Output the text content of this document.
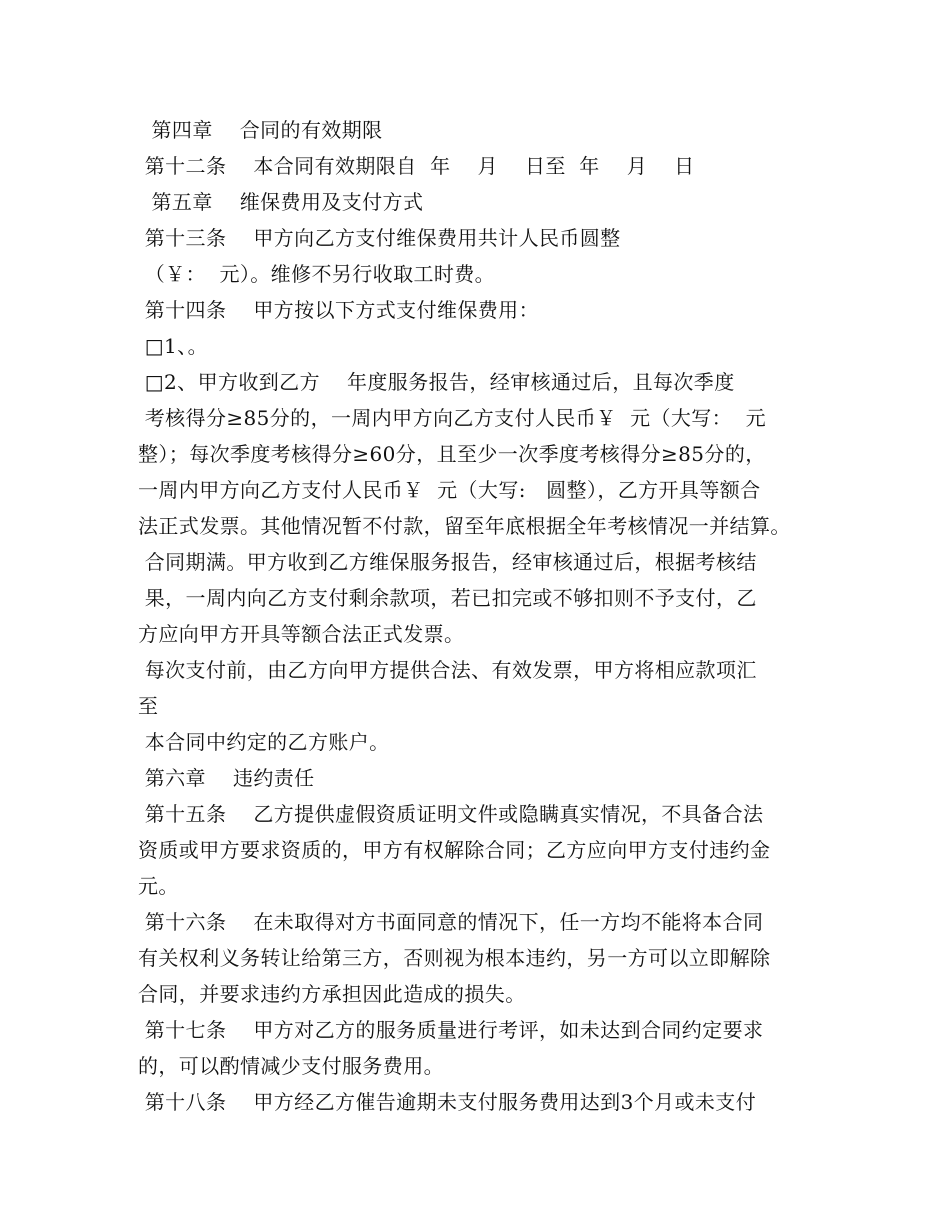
第四章    合同的有效期限
第十二条    本合同有效期限自  年    月    日至  年    月    日
第五章    维保费用及支付方式
第十三条    甲方向乙方支付维保费用共计人民币圆整
（￥：  元）。维修不另行收取工时费。
第十四条    甲方按以下方式支付维保费用：
□1、。
□2、甲方收到乙方    年度服务报告，经审核通过后，且每次季度
考核得分≥85分的，一周内甲方向乙方支付人民币￥  元（大写：  元
整）；每次季度考核得分≥60分，且至少一次季度考核得分≥85分的，
一周内甲方向乙方支付人民币￥  元（大写:   圆整），乙方开具等额合
法正式发票。其他情况暂不付款，留至年底根据全年考核情况一并结算。
合同期满。甲方收到乙方维保服务报告，经审核通过后，根据考核结
果，一周内向乙方支付剩余款项，若已扣完或不够扣则不予支付，乙
方应向甲方开具等额合法正式发票。
每次支付前，由乙方向甲方提供合法、有效发票，甲方将相应款项汇
至
本合同中约定的乙方账户。
第六章    违约责任
第十五条    乙方提供虚假资质证明文件或隐瞒真实情况，不具备合法
资质或甲方要求资质的，甲方有权解除合同；乙方应向甲方支付违约金
元。
第十六条    在未取得对方书面同意的情况下，任一方均不能将本合同
有关权利义务转让给第三方，否则视为根本违约，另一方可以立即解除
合同，并要求违约方承担因此造成的损失。
第十七条    甲方对乙方的服务质量进行考评，如未达到合同约定要求
的，可以酌情减少支付服务费用。
第十八条    甲方经乙方催告逾期未支付服务费用达到3个月或未支付
